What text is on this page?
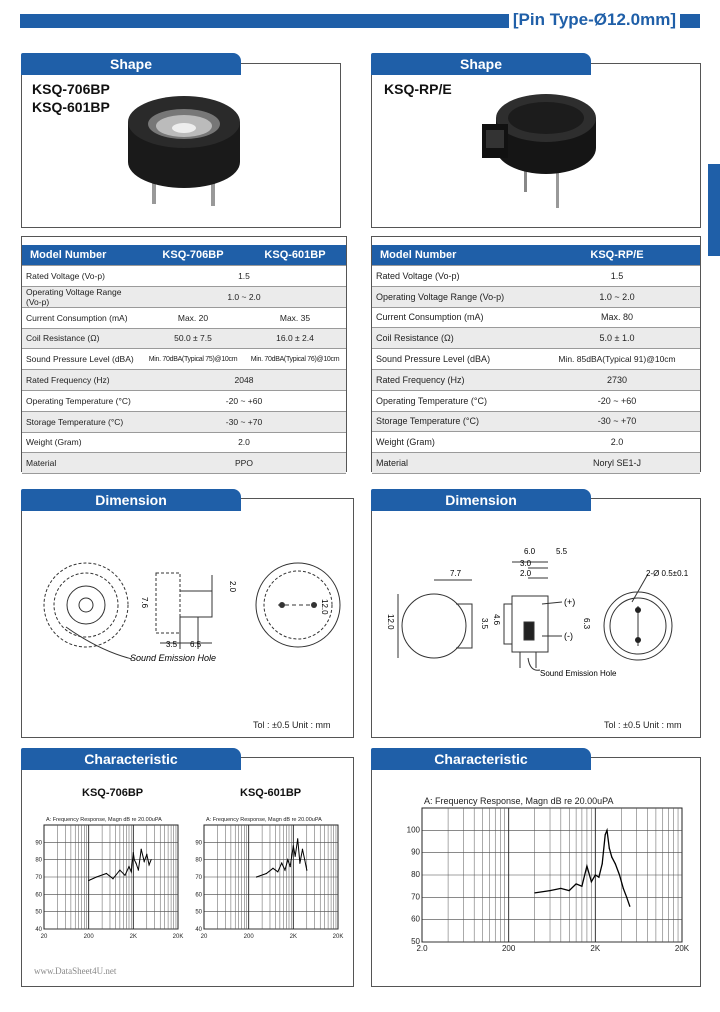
[Pin Type-Ø12.0mm]
Shape
KSQ-706BP
KSQ-601BP
Shape
KSQ-RP/E
Model Number	KSQ-706BP	KSQ-601BP
Rated Voltage (Vo-p)	1.5	
Operating Voltage Range (Vo-p)	1.0 ~ 2.0	
Current Consumption (mA)	Max. 20	Max. 35
Coil Resistance (Ω)	50.0 ± 7.5	16.0 ± 2.4
Sound Pressure Level (dBA)	Min. 70dBA(Typical 75)@10cm	Min. 70dBA(Typical 76)@10cm
Rated Frequency (Hz)	2048	
Operating Temperature (°C)	-20 ~ +60	
Storage Temperature (°C)	-30 ~ +70	
Weight (Gram)	2.0	
Material	PPO	
Model Number	KSQ-RP/E
Rated Voltage (Vo-p)	1.5
Operating Voltage Range (Vo-p)	1.0 ~ 2.0
Current Consumption (mA)	Max. 80
Coil Resistance (Ω)	5.0 ± 1.0
Sound Pressure Level (dBA)	Min. 85dBA(Typical 91)@10cm
Rated Frequency (Hz)	2730
Operating Temperature (°C)	-20 ~ +60
Storage Temperature (°C)	-30 ~ +70
Weight (Gram)	2.0
Material	Noryl SE1-J
Dimension
7.6
2.0
3.5 6.5
12.0
Sound Emission Hole
Tol : ±0.5 Unit : mm
Dimension
6.0	5.5
3.0
2.0
7.7
12.0	3.5 4.6	6.3
(+)
(-)
2-Ø 0.5±0.1
Sound Emission Hole
Tol : ±0.5 Unit : mm
Characteristic
KSQ-706BP	KSQ-601BP
A: Frequency Response, Magn dB re 20.00uPA
40
50
60
70
80
90
20	200	2K	20K
A: Frequency Response, Magn dB re 20.00uPA
40
50
60
70
80
90
20	200	2K	20K
Characteristic
A: Frequency Response, Magn dB re 20.00uPA
50
60
70
80
90
100
2.0	200	2K	20K
www.DataSheet4U.net
